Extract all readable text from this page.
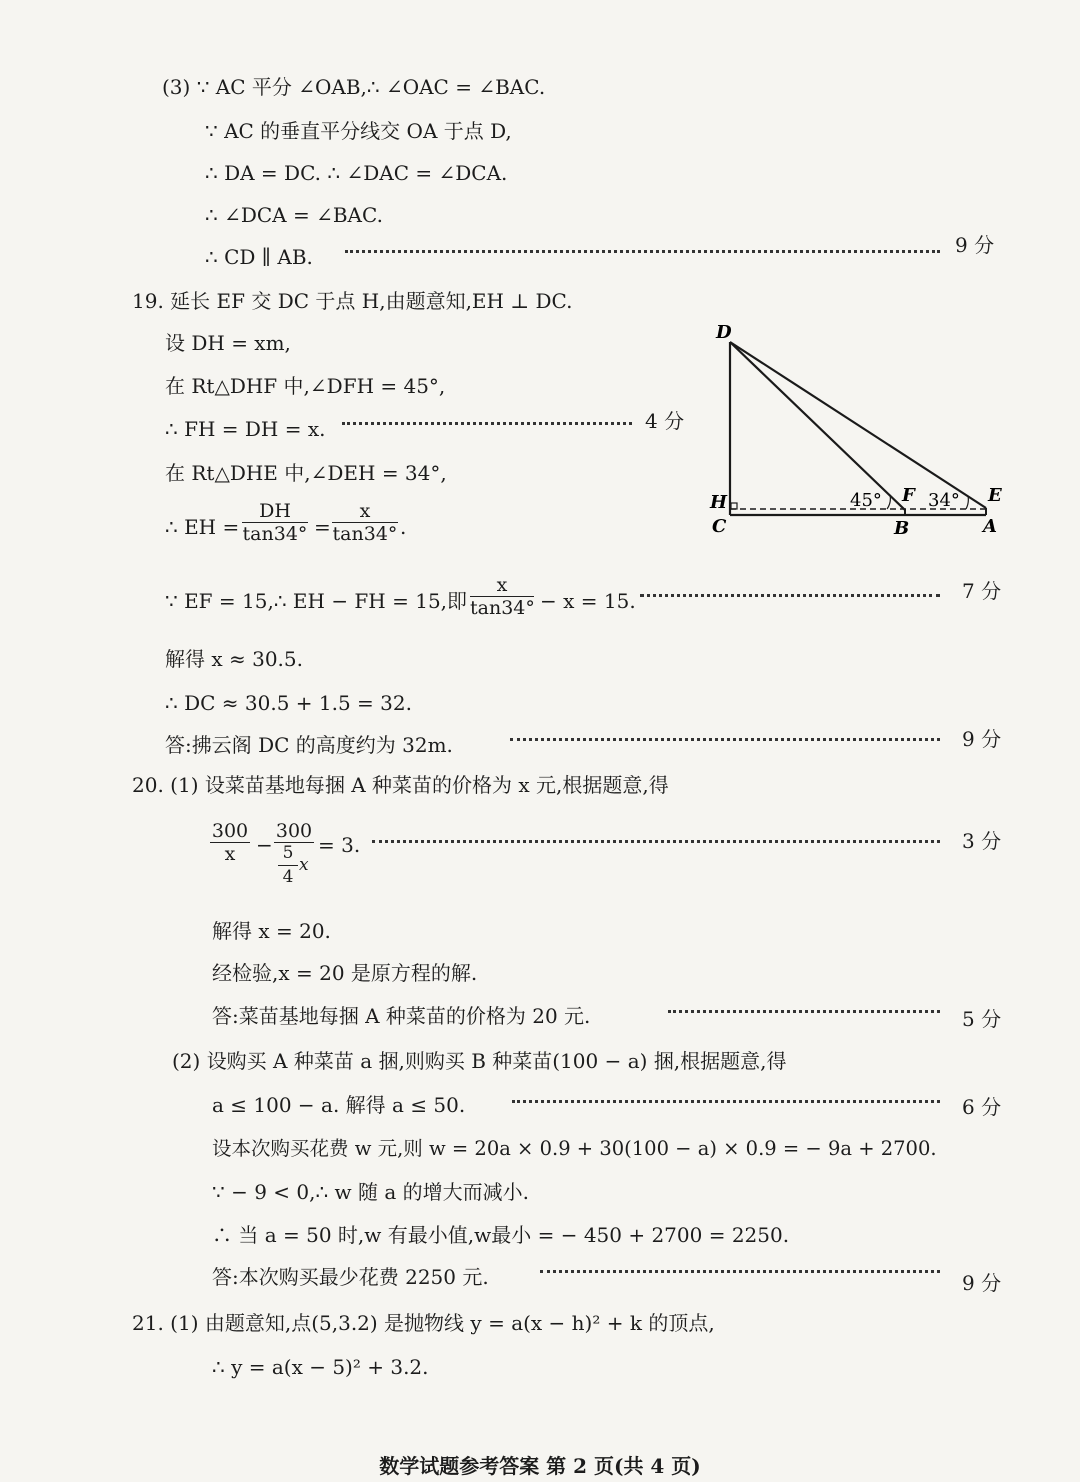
(3) ∵ AC 平分 ∠OAB,∴ ∠OAC = ∠BAC.
∵ AC 的垂直平分线交 OA 于点 D,
∴ DA = DC. ∴ ∠DAC = ∠DCA.
∴ ∠DCA = ∠BAC.
∴ CD ∥ AB.	9 分
19. 延长 EF 交 DC 于点 H,由题意知,EH ⊥ DC.
设 DH = xm,
在 Rt△DHF 中,∠DFH = 45°,
∴ FH = DH = x.	4 分
在 Rt△DHE 中,∠DEH = 34°,
∴ EH =
DH
tan34° =
x
tan34° .
∵ EF = 15,∴ EH − FH = 15,即
x
tan34° − x = 15.	7 分
解得 x ≈ 30.5.
∴ DC ≈ 30.5 + 1.5 = 32.
答:拂云阁 DC 的高度约为 32m.	9 分
D
H
C
45° F 34° E
B	A
20. (1) 设菜苗基地每捆 A 种菜苗的价格为 x 元,根据题意,得
300
x	−
300
5
4
x
= 3.	3 分
解得 x = 20.
经检验,x = 20 是原方程的解.
答:菜苗基地每捆 A 种菜苗的价格为 20 元.	5 分
(2) 设购买 A 种菜苗 a 捆,则购买 B 种菜苗(100 − a) 捆,根据题意,得
a ≤ 100 − a. 解得 a ≤ 50.	6 分
设本次购买花费 w 元,则 w = 20a × 0.9 + 30(100 − a) × 0.9 = − 9a + 2700.
∵ − 9 < 0,∴ w 随 a 的增大而减小.
∴ 当 a = 50 时,w 有最小值,w最小 = − 450 + 2700 = 2250.
答:本次购买最少花费 2250 元.	9 分
21. (1) 由题意知,点(5,3.2) 是抛物线 y = a(x − h)² + k 的顶点,
∴ y = a(x − 5)² + 3.2.
数学试题参考答案 第 2 页(共 4 页)
